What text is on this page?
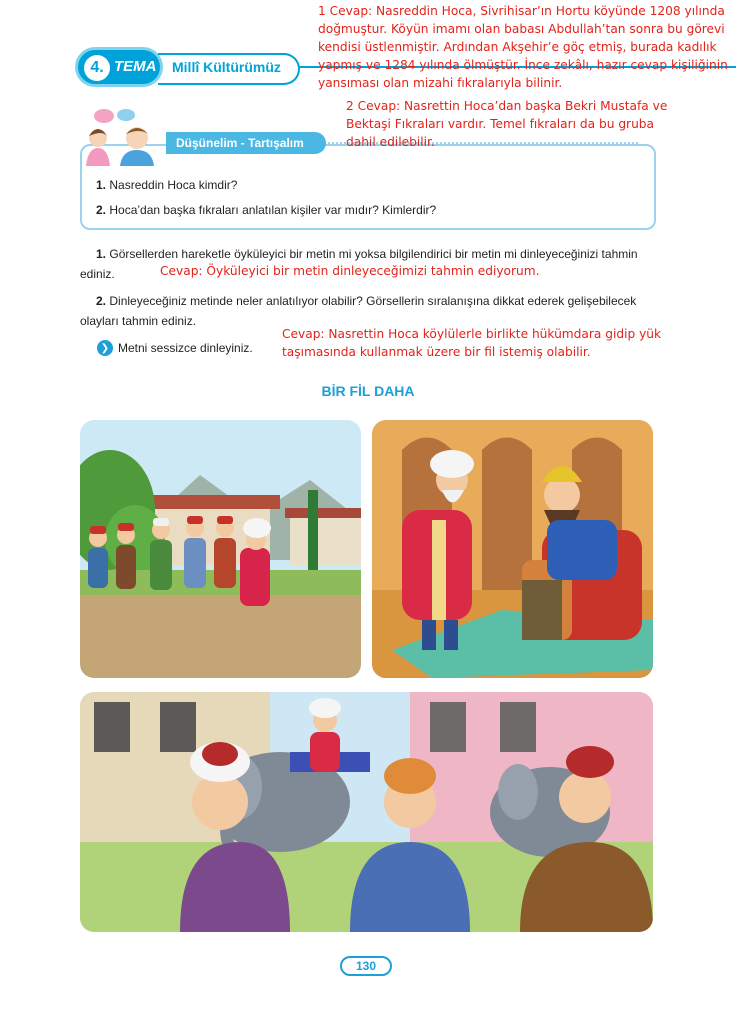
4. TEMA Millî Kültürümüz
1 Cevap: Nasreddin Hoca, Sivrihisar’ın Hortu köyünde 1208 yılında
doğmuştur. Köyün imamı olan babası Abdullah’tan sonra bu görevi
kendisi üstlenmiştir. Ardından Akşehir’e göç etmiş, burada kadılık
yapmış ve 1284 yılında ölmüştür. İnce zekâlı, hazır cevap kişiliğinin
yansıması olan mizahi fıkralarıyla bilinir.
Düşünelim - Tartışalım
2 Cevap: Nasrettin Hoca’dan başka Bekri Mustafa ve
Bektaşi Fıkraları vardır. Temel fıkraları da bu gruba
dahil edilebilir.
1. Nasreddin Hoca kimdir?
2. Hoca’dan başka fıkraları anlatılan kişiler var mıdır? Kimlerdir?
1. Görsellerden hareketle öyküleyici bir metin mi yoksa bilgilendirici bir metin mi dinleyeceğinizi tahmin
ediniz.	Cevap: Öyküleyici bir metin dinleyeceğimizi tahmin ediyorum.
2. Dinleyeceğiniz metinde neler anlatılıyor olabilir? Görsellerin sıralanışına dikkat ederek gelişebilecek
olayları tahmin ediniz.
❯ Metni sessizce dinleyiniz.
Cevap: Nasrettin Hoca köylülerle birlikte hükümdara gidip yük
taşımasında kullanmak üzere bir fil istemiş olabilir.
BİR FİL DAHA
130
